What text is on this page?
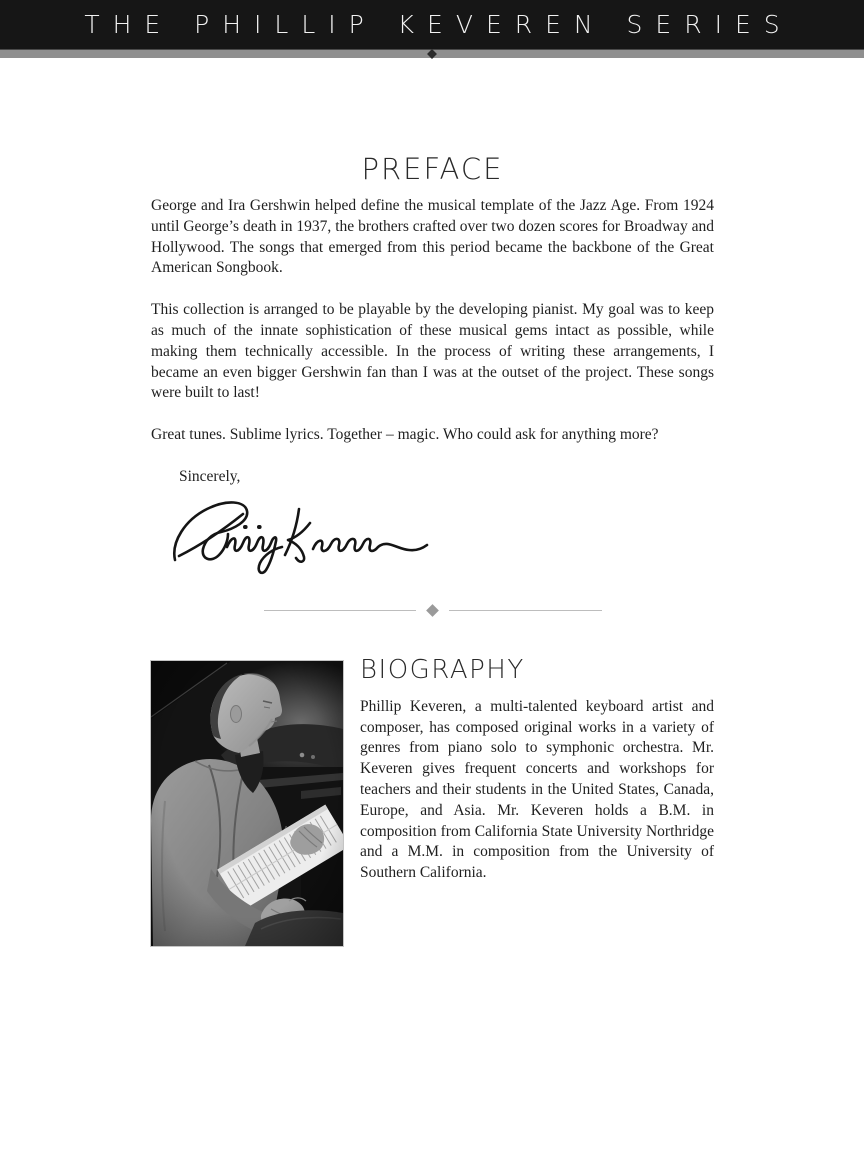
THE PHILLIP KEVEREN SERIES
PREFACE

George and Ira Gershwin helped define the musical template of the Jazz Age. From 1924 until George’s death in 1937, the brothers crafted over two dozen scores for Broadway and Hollywood. The songs that emerged from this period became the backbone of the Great American Songbook.

This collection is arranged to be playable by the developing pianist. My goal was to keep as much of the innate sophistication of these musical gems intact as possible, while making them technically accessible. In the process of writing these arrangements, I became an even bigger Gershwin fan than I was at the outset of the project. These songs were built to last!

Great tunes. Sublime lyrics. Together – magic. Who could ask for anything more?

Sincerely,

BIOGRAPHY

Phillip Keveren, a multi-talented keyboard artist and composer, has composed original works in a variety of genres from piano solo to symphonic orchestra. Mr. Keveren gives frequent concerts and workshops for teachers and their students in the United States, Canada, Europe, and Asia. Mr. Keveren holds a B.M. in composition from California State University Northridge and a M.M. in composition from the University of Southern California.
